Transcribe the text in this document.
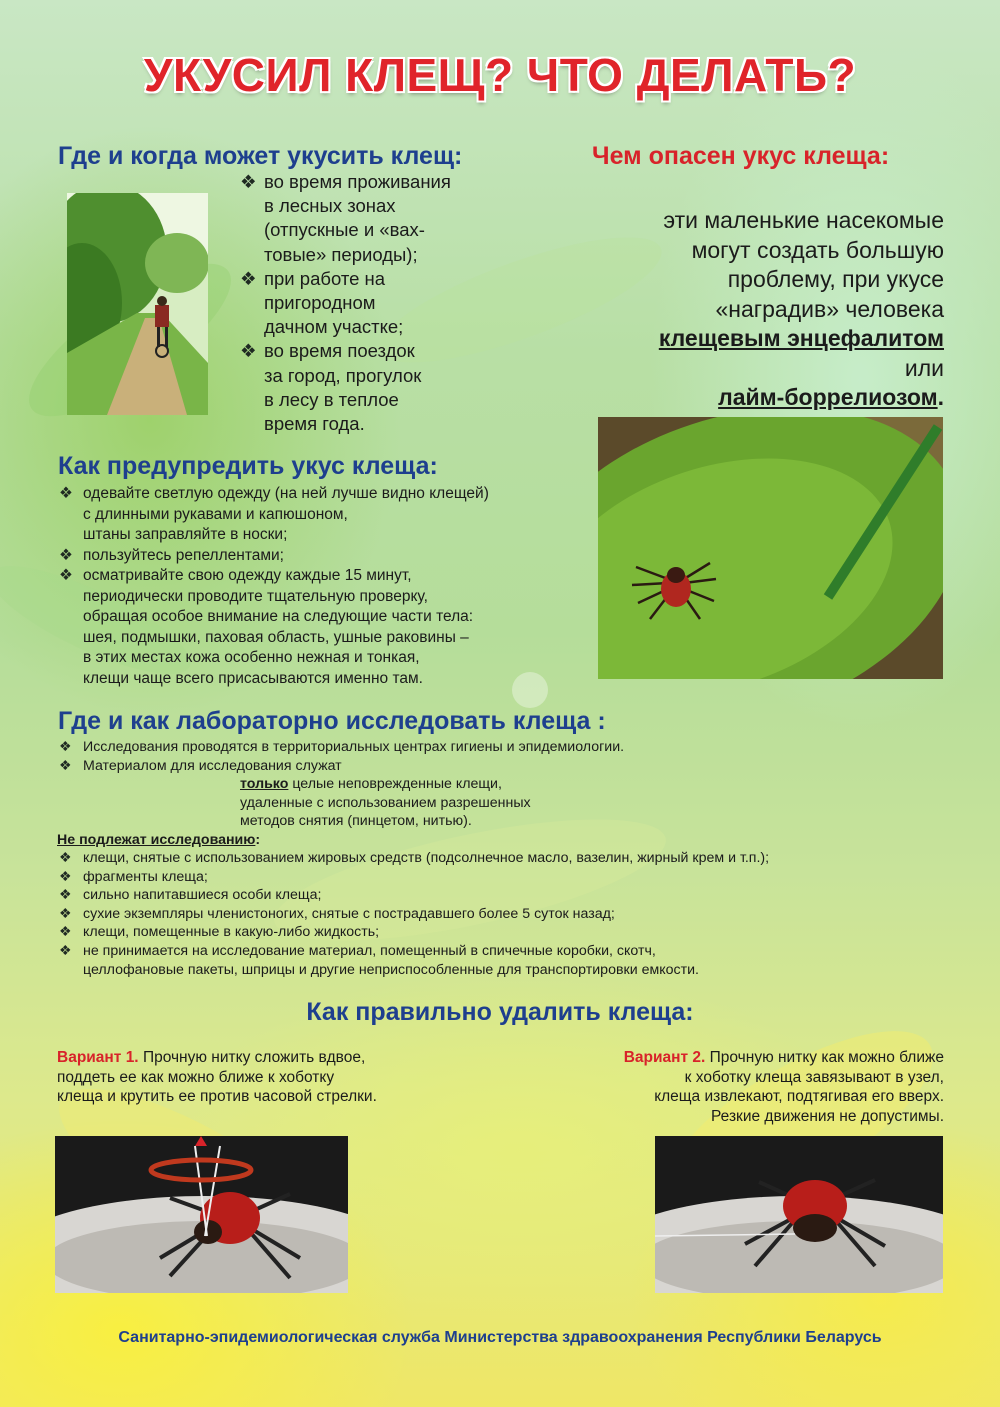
УКУСИЛ КЛЕЩ? ЧТО ДЕЛАТЬ?
Где и когда может укусить клещ:
❖ во время проживания
в лесных зонах
(отпускные и «вах-
товые» периоды);
❖ при работе на
пригородном
дачном участке;
❖ во время поездок
за город, прогулок
в лесу в теплое
время года.
Чем опасен укус клеща:
эти маленькие насекомые
могут создать большую
проблему, при укусе
«наградив» человека
клещевым энцефалитом
или
лайм-боррелиозом.
Как предупредить укус клеща:
❖ одевайте светлую одежду (на ней лучше видно клещей)
с длинными рукавами и капюшоном,
штаны заправляйте в носки;
❖ пользуйтесь репеллентами;
❖ осматривайте свою одежду каждые 15 минут,
периодически проводите тщательную проверку,
обращая особое внимание на следующие части тела:
шея, подмышки, паховая область, ушные раковины –
в этих местах кожа особенно нежная и тонкая,
клещи чаще всего присасываются именно там.
Где и как лабораторно исследовать клеща :
❖ Исследования проводятся в территориальных центрах гигиены и эпидемиологии.
❖ Материалом для исследования служат
только целые неповрежденные клещи,
удаленные с использованием разрешенных
методов снятия (пинцетом, нитью).
Не подлежат исследованию:
❖ клещи, снятые с использованием жировых средств (подсолнечное масло, вазелин, жирный крем и т.п.);
❖ фрагменты клеща;
❖ сильно напитавшиеся особи клеща;
❖ сухие экземпляры членистоногих, снятые с пострадавшего более 5 суток назад;
❖ клещи, помещенные в какую-либо жидкость;
❖ не принимается на исследование материал, помещенный в спичечные коробки, скотч,
целлофановые пакеты, шприцы и другие неприспособленные для транспортировки емкости.
Как правильно удалить клеща:
Вариант 1. Прочную нитку сложить вдвое,
поддеть ее как можно ближе к хоботку
клеща и крутить ее против часовой стрелки.
Вариант 2. Прочную нитку как можно ближе
к хоботку клеща завязывают в узел,
клеща извлекают, подтягивая его вверх.
Резкие движения не допустимы.
Санитарно-эпидемиологическая служба Министерства здравоохранения Республики Беларусь
